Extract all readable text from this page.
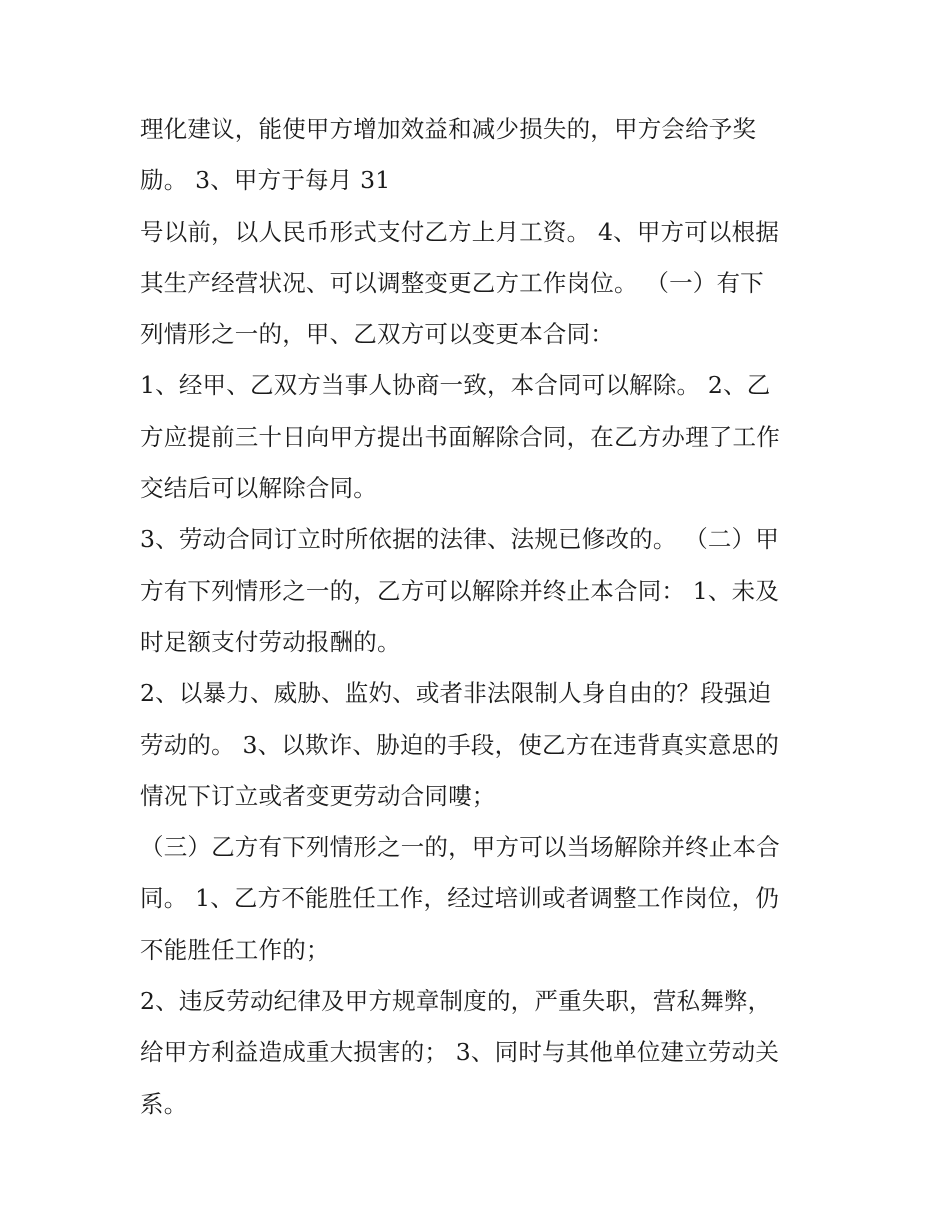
理化建议，能使甲方增加效益和减少损失的，甲方会给予奖
励。 3、甲方于每月 31
号以前，以人民币形式支付乙方上月工资。 4、甲方可以根据
其生产经营状况、可以调整变更乙方工作岗位。 （一）有下
列情形之一的，甲、乙双方可以变更本合同：
1、经甲、乙双方当事人协商一致，本合同可以解除。 2、乙
方应提前三十日向甲方提出书面解除合同，在乙方办理了工作
交结后可以解除合同。
3、劳动合同订立时所依据的法律、法规已修改的。 （二）甲
方有下列情形之一的，乙方可以解除并终止本合同： 1、未及
时足额支付劳动报酬的。
2、以暴力、威胁、监妁、或者非法限制人身自由的？段强迫
劳动的。 3、以欺诈、胁迫的手段，使乙方在违背真实意思的
情况下订立或者变更劳动合同嘍；
（三）乙方有下列情形之一的，甲方可以当场解除并终止本合
同。 1、乙方不能胜任工作，经过培训或者调整工作岗位，仍
不能胜任工作的；
2、违反劳动纪律及甲方规章制度的，严重失职，营私舞弊，
给甲方利益造成重大损害的； 3、同时与其他单位建立劳动关
系。
